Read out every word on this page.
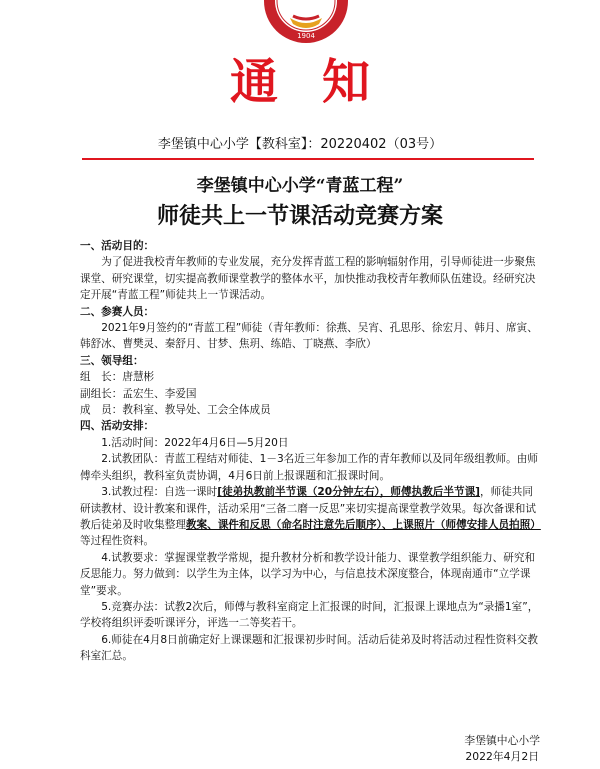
1904
通知
李堡镇中心小学【教科室】：20220402（03号）
李堡镇中心小学“青蓝工程”
师徒共上一节课活动竞赛方案

一、活动目的：

为了促进我校青年教师的专业发展，充分发挥青蓝工程的影响辐射作用，引导师徒进一步聚焦课堂、研究课堂，切实提高教师课堂教学的整体水平，加快推动我校青年教师队伍建设。经研究决定开展“青蓝工程”师徒共上一节课活动。

二、参赛人员：

2021年9月签约的“青蓝工程”师徒（青年教师：徐燕、吴宵、孔思彤、徐宏月、韩月、席寅、韩舒冰、曹樊灵、秦舒月、甘梦、焦玥、练皓、丁晓燕、李欣）

三、领导组：

组　长：唐慧彬

副组长：孟宏生、李爱国

成　员：教科室、教导处、工会全体成员

四、活动安排：

1.活动时间：2022年4月6日—5月20日

2.试教团队：青蓝工程结对师徒、1－3名近三年参加工作的青年教师以及同年级组教师。由师傅牵头组织，教科室负责协调，4月6日前上报课题和汇报课时间。

3.试教过程：自选一课时[徒弟执教前半节课（20分钟左右），师傅执教后半节课]，师徒共同研读教材、设计教案和课件，活动采用“三备二磨一反思”来切实提高课堂教学效果。每次备课和试教后徒弟及时收集整理教案、课件和反思（命名时注意先后顺序）、上课照片（师傅安排人员拍照）等过程性资料。

4.试教要求：掌握课堂教学常规，提升教材分析和教学设计能力、课堂教学组织能力、研究和反思能力。努力做到：以学生为主体，以学习为中心，与信息技术深度整合，体现南通市“立学课堂”要求。

5.竞赛办法：试教2次后，师傅与教科室商定上汇报课的时间，汇报课上课地点为“录播1室”，学校将组织评委听课评分，评选一二等奖若干。

6.师徒在4月8日前确定好上课课题和汇报课初步时间。活动后徒弟及时将活动过程性资料交教科室汇总。

李堡镇中心小学
2022年4月2日
